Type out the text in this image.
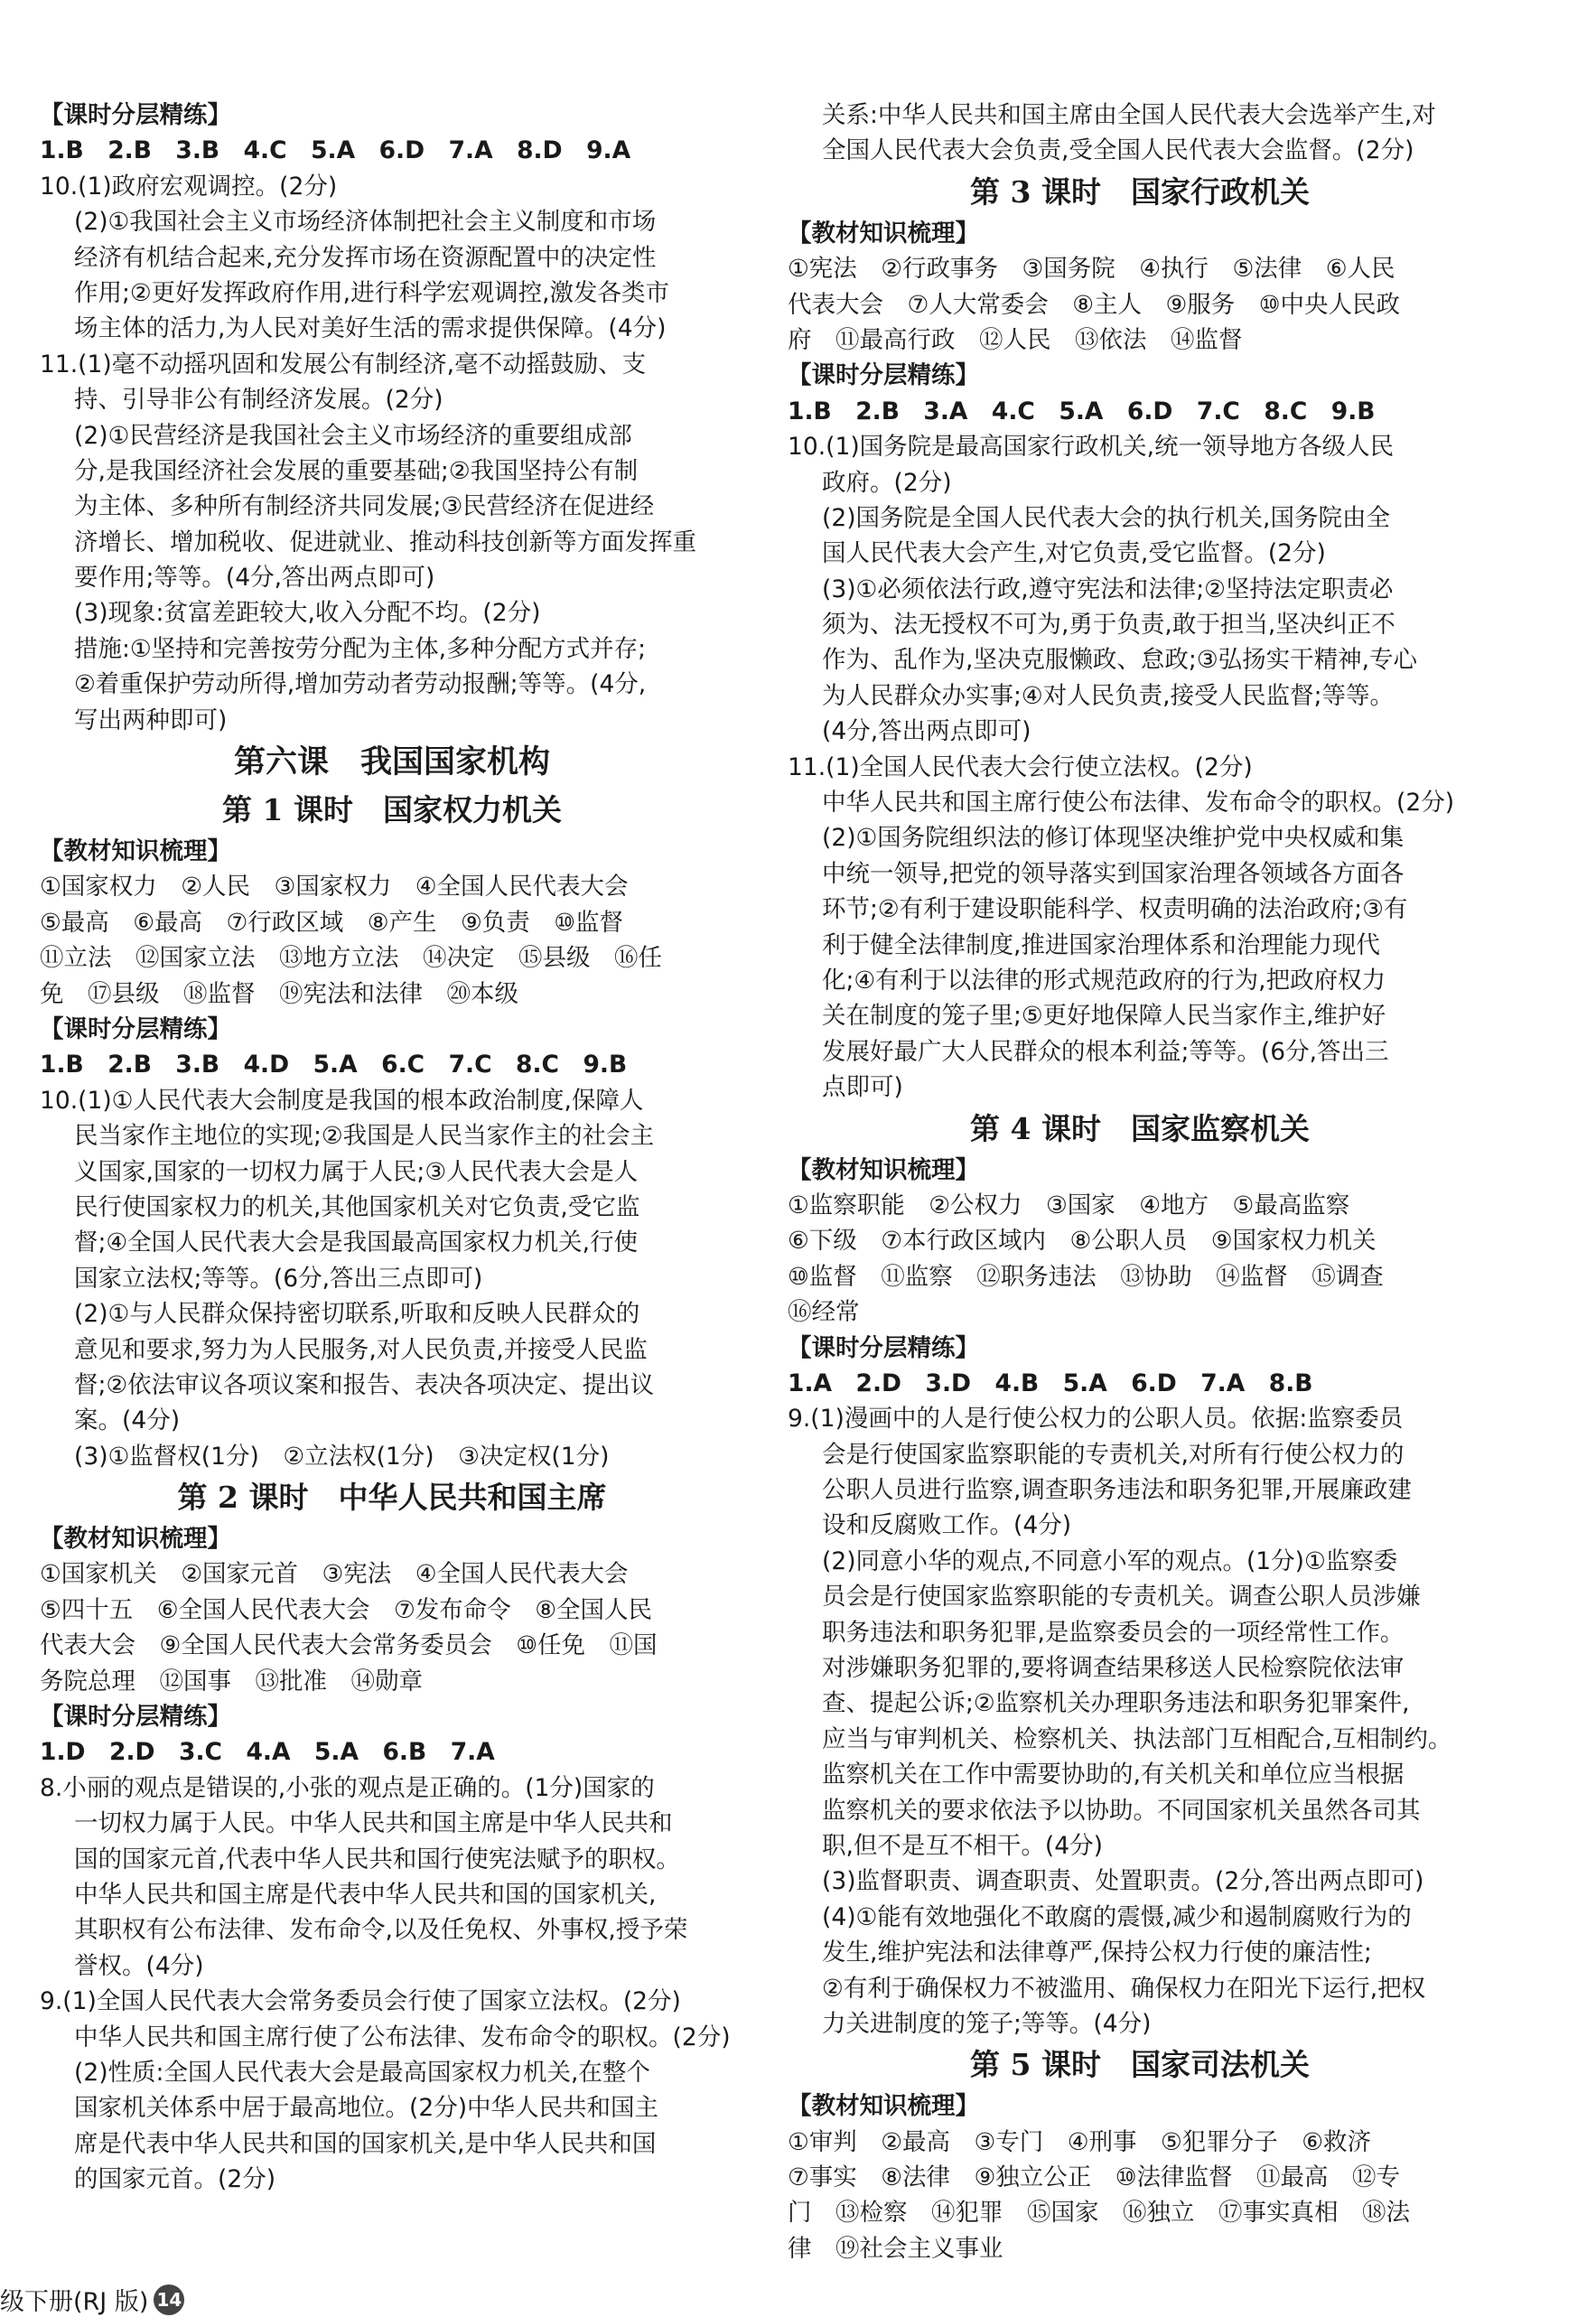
【课时分层精练】
1.B　2.B　3.B　4.C　5.A　6.D　7.A　8.D　9.A
10.(1)政府宏观调控。(2分)
(2)①我国社会主义市场经济体制把社会主义制度和市场
经济有机结合起来,充分发挥市场在资源配置中的决定性
作用;②更好发挥政府作用,进行科学宏观调控,激发各类市
场主体的活力,为人民对美好生活的需求提供保障。(4分)
11.(1)毫不动摇巩固和发展公有制经济,毫不动摇鼓励、支
持、引导非公有制经济发展。(2分)
(2)①民营经济是我国社会主义市场经济的重要组成部
分,是我国经济社会发展的重要基础;②我国坚持公有制
为主体、多种所有制经济共同发展;③民营经济在促进经
济增长、增加税收、促进就业、推动科技创新等方面发挥重
要作用;等等。(4分,答出两点即可)
(3)现象:贫富差距较大,收入分配不均。(2分)
措施:①坚持和完善按劳分配为主体,多种分配方式并存;
②着重保护劳动所得,增加劳动者劳动报酬;等等。(4分,
写出两种即可)
第六课　我国国家机构
第 1 课时　国家权力机关
【教材知识梳理】
①国家权力　②人民　③国家权力　④全国人民代表大会
⑤最高　⑥最高　⑦行政区域　⑧产生　⑨负责　⑩监督
⑪立法　⑫国家立法　⑬地方立法　⑭决定　⑮县级　⑯任
免　⑰县级　⑱监督　⑲宪法和法律　⑳本级
【课时分层精练】
1.B　2.B　3.B　4.D　5.A　6.C　7.C　8.C　9.B
10.(1)①人民代表大会制度是我国的根本政治制度,保障人
民当家作主地位的实现;②我国是人民当家作主的社会主
义国家,国家的一切权力属于人民;③人民代表大会是人
民行使国家权力的机关,其他国家机关对它负责,受它监
督;④全国人民代表大会是我国最高国家权力机关,行使
国家立法权;等等。(6分,答出三点即可)
(2)①与人民群众保持密切联系,听取和反映人民群众的
意见和要求,努力为人民服务,对人民负责,并接受人民监
督;②依法审议各项议案和报告、表决各项决定、提出议
案。(4分)
(3)①监督权(1分)　②立法权(1分)　③决定权(1分)
第 2 课时　中华人民共和国主席
【教材知识梳理】
①国家机关　②国家元首　③宪法　④全国人民代表大会
⑤四十五　⑥全国人民代表大会　⑦发布命令　⑧全国人民
代表大会　⑨全国人民代表大会常务委员会　⑩任免　⑪国
务院总理　⑫国事　⑬批准　⑭勋章
【课时分层精练】
1.D　2.D　3.C　4.A　5.A　6.B　7.A
8.小丽的观点是错误的,小张的观点是正确的。(1分)国家的
一切权力属于人民。中华人民共和国主席是中华人民共和
国的国家元首,代表中华人民共和国行使宪法赋予的职权。
中华人民共和国主席是代表中华人民共和国的国家机关,
其职权有公布法律、发布命令,以及任免权、外事权,授予荣
誉权。(4分)
9.(1)全国人民代表大会常务委员会行使了国家立法权。(2分)
中华人民共和国主席行使了公布法律、发布命令的职权。(2分)
(2)性质:全国人民代表大会是最高国家权力机关,在整个
国家机关体系中居于最高地位。(2分)中华人民共和国主
席是代表中华人民共和国的国家机关,是中华人民共和国
的国家元首。(2分)
关系:中华人民共和国主席由全国人民代表大会选举产生,对
全国人民代表大会负责,受全国人民代表大会监督。(2分)
第 3 课时　国家行政机关
【教材知识梳理】
①宪法　②行政事务　③国务院　④执行　⑤法律　⑥人民
代表大会　⑦人大常委会　⑧主人　⑨服务　⑩中央人民政
府　⑪最高行政　⑫人民　⑬依法　⑭监督
【课时分层精练】
1.B　2.B　3.A　4.C　5.A　6.D　7.C　8.C　9.B
10.(1)国务院是最高国家行政机关,统一领导地方各级人民
政府。(2分)
(2)国务院是全国人民代表大会的执行机关,国务院由全
国人民代表大会产生,对它负责,受它监督。(2分)
(3)①必须依法行政,遵守宪法和法律;②坚持法定职责必
须为、法无授权不可为,勇于负责,敢于担当,坚决纠正不
作为、乱作为,坚决克服懒政、怠政;③弘扬实干精神,专心
为人民群众办实事;④对人民负责,接受人民监督;等等。
(4分,答出两点即可)
11.(1)全国人民代表大会行使立法权。(2分)
中华人民共和国主席行使公布法律、发布命令的职权。(2分)
(2)①国务院组织法的修订体现坚决维护党中央权威和集
中统一领导,把党的领导落实到国家治理各领域各方面各
环节;②有利于建设职能科学、权责明确的法治政府;③有
利于健全法律制度,推进国家治理体系和治理能力现代
化;④有利于以法律的形式规范政府的行为,把政府权力
关在制度的笼子里;⑤更好地保障人民当家作主,维护好
发展好最广大人民群众的根本利益;等等。(6分,答出三
点即可)
第 4 课时　国家监察机关
【教材知识梳理】
①监察职能　②公权力　③国家　④地方　⑤最高监察
⑥下级　⑦本行政区域内　⑧公职人员　⑨国家权力机关
⑩监督　⑪监察　⑫职务违法　⑬协助　⑭监督　⑮调查
⑯经常
【课时分层精练】
1.A　2.D　3.D　4.B　5.A　6.D　7.A　8.B
9.(1)漫画中的人是行使公权力的公职人员。依据:监察委员
会是行使国家监察职能的专责机关,对所有行使公权力的
公职人员进行监察,调查职务违法和职务犯罪,开展廉政建
设和反腐败工作。(4分)
(2)同意小华的观点,不同意小军的观点。(1分)①监察委
员会是行使国家监察职能的专责机关。调查公职人员涉嫌
职务违法和职务犯罪,是监察委员会的一项经常性工作。
对涉嫌职务犯罪的,要将调查结果移送人民检察院依法审
查、提起公诉;②监察机关办理职务违法和职务犯罪案件,
应当与审判机关、检察机关、执法部门互相配合,互相制约。
监察机关在工作中需要协助的,有关机关和单位应当根据
监察机关的要求依法予以协助。不同国家机关虽然各司其
职,但不是互不相干。(4分)
(3)监督职责、调查职责、处置职责。(2分,答出两点即可)
(4)①能有效地强化不敢腐的震慑,减少和遏制腐败行为的
发生,维护宪法和法律尊严,保持公权力行使的廉洁性;
②有利于确保权力不被滥用、确保权力在阳光下运行,把权
力关进制度的笼子;等等。(4分)
第 5 课时　国家司法机关
【教材知识梳理】
①审判　②最高　③专门　④刑事　⑤犯罪分子　⑥救济
⑦事实　⑧法律　⑨独立公正　⑩法律监督　⑪最高　⑫专
门　⑬检察　⑭犯罪　⑮国家　⑯独立　⑰事实真相　⑱法
律　⑲社会主义事业
级下册(RJ 版) 14
